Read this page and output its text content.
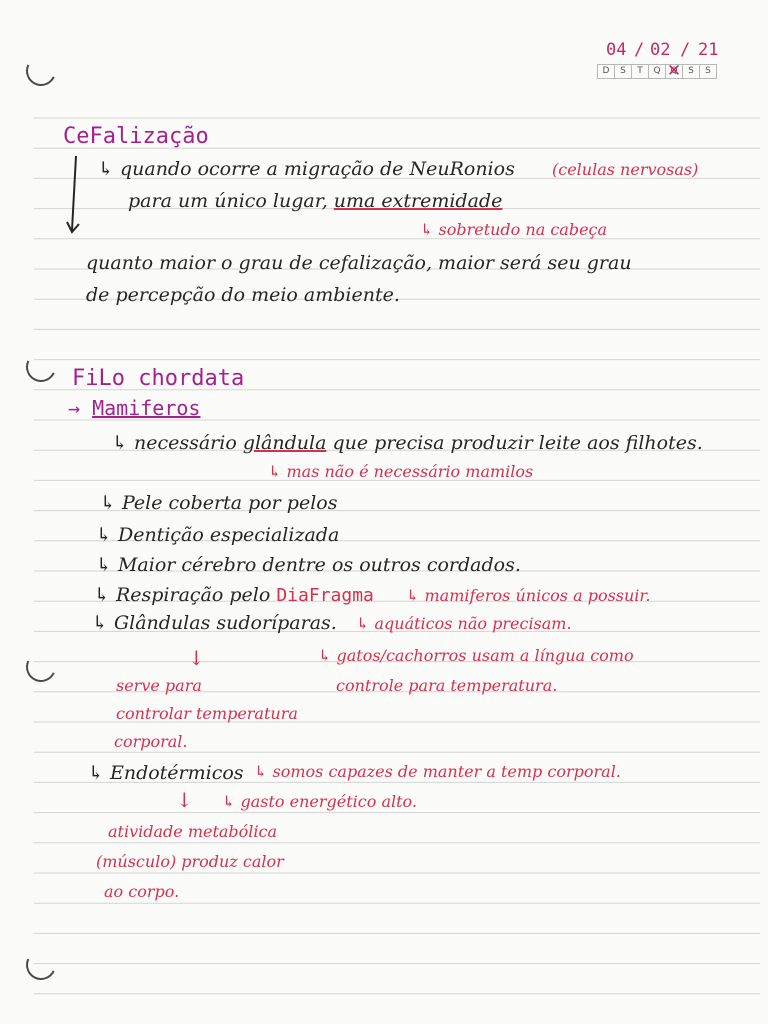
04 / 02 / 21
D	S	T	Q	Q ✕	S	S
CeFalização
↳ quando ocorre a migração de NeuRonios (celulas nervosas)
para um único lugar, uma extremidade
↳ sobretudo na cabeça
quanto maior o grau de cefalização, maior será seu grau
de percepção do meio ambiente.
FiLo chordata
→ Mamiferos
↳ necessário glândula que precisa produzir leite aos filhotes.
↳ mas não é necessário mamilos
↳ Pele coberta por pelos
↳ Dentição especializada
↳ Maior cérebro dentre os outros cordados.
↳ Respiração pelo DiaFragma ↳ mamiferos únicos a possuir.
↳ Glândulas sudoríparas. ↳ aquáticos não precisam.
↳ gatos/cachorros usam a língua como
controle para temperatura.
↓
serve para
controlar temperatura
corporal.
↳ Endotérmicos ↳ somos capazes de manter a temp corporal.
↳ gasto energético alto.
↓
atividade metabólica
(músculo) produz calor
ao corpo.
